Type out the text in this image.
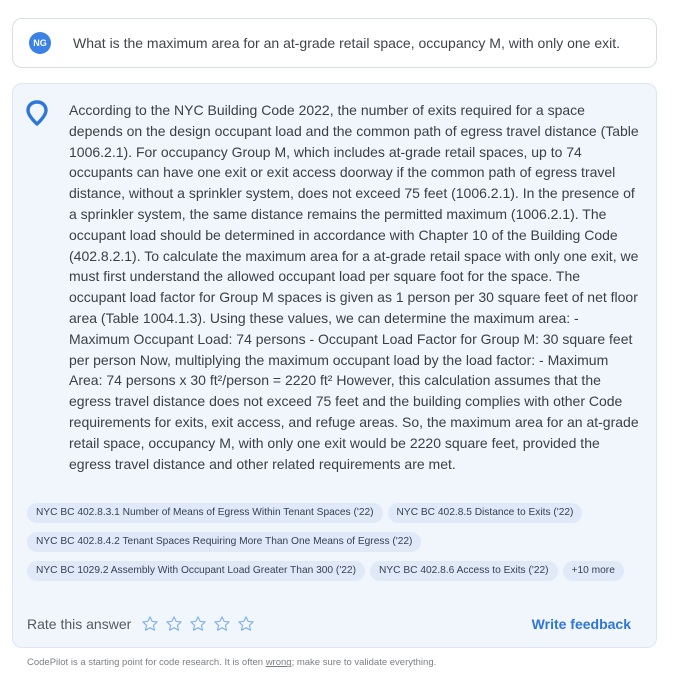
NG	What is the maximum area for an at-grade retail space, occupancy M, with only one exit.

According to the NYC Building Code 2022, the number of exits required for a space depends on the design occupant load and the common path of egress travel distance (Table 1006.2.1). For occupancy Group M, which includes at-grade retail spaces, up to 74 occupants can have one exit or exit access doorway if the common path of egress travel distance, without a sprinkler system, does not exceed 75 feet (1006.2.1). In the presence of a sprinkler system, the same distance remains the permitted maximum (1006.2.1). The occupant load should be determined in accordance with Chapter 10 of the Building Code (402.8.2.1). To calculate the maximum area for a at-grade retail space with only one exit, we must first understand the allowed occupant load per square foot for the space. The occupant load factor for Group M spaces is given as 1 person per 30 square feet of net floor area (Table 1004.1.3). Using these values, we can determine the maximum area: - Maximum Occupant Load: 74 persons - Occupant Load Factor for Group M: 30 square feet per person Now, multiplying the maximum occupant load by the load factor: - Maximum Area: 74 persons x 30 ft²/person = 2220 ft² However, this calculation assumes that the egress travel distance does not exceed 75 feet and the building complies with other Code requirements for exits, exit access, and refuge areas. So, the maximum area for an at-grade retail space, occupancy M, with only one exit would be 2220 square feet, provided the egress travel distance and other related requirements are met.

NYC BC 402.8.3.1 Number of Means of Egress Within Tenant Spaces ('22) NYC BC 402.8.5 Distance to Exits ('22)
NYC BC 402.8.4.2 Tenant Spaces Requiring More Than One Means of Egress ('22)
NYC BC 1029.2 Assembly With Occupant Load Greater Than 300 ('22) NYC BC 402.8.6 Access to Exits ('22) +10 more
Rate this answer	Write feedback
CodePilot is a starting point for code research. It is often wrong; make sure to validate everything.
